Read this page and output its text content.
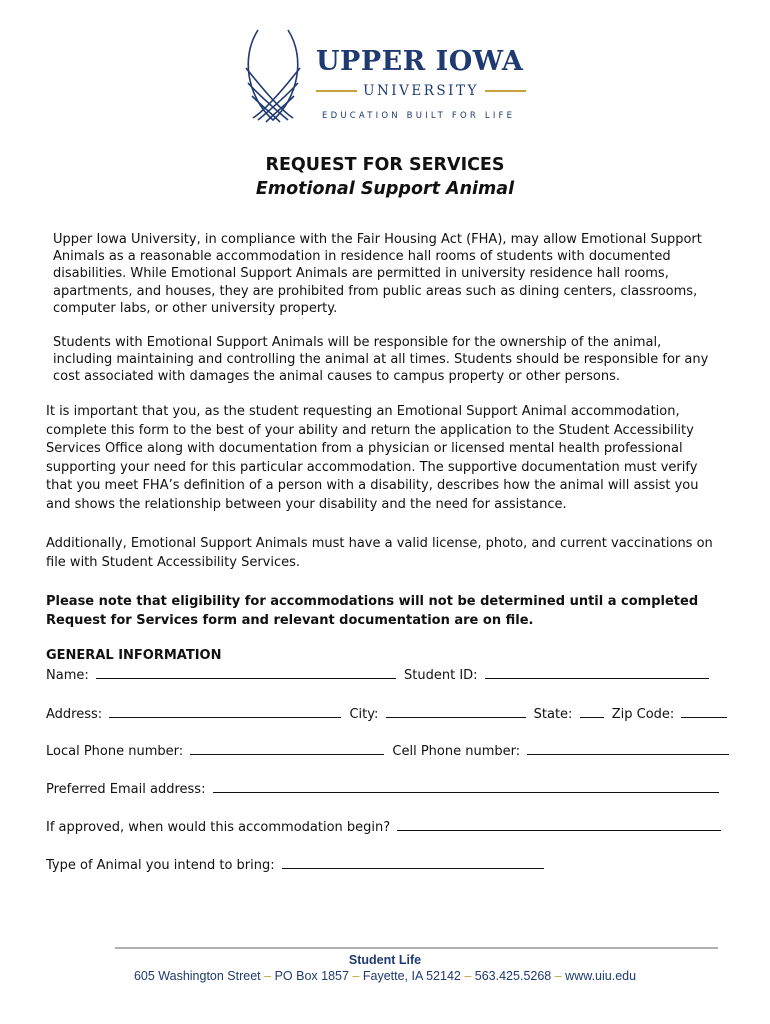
UPPER IOWA
UNIVERSITY
EDUCATION BUILT FOR LIFE
REQUEST FOR SERVICES
Emotional Support Animal

Upper Iowa University, in compliance with the Fair Housing Act (FHA), may allow Emotional Support Animals as a reasonable accommodation in residence hall rooms of students with documented disabilities. While Emotional Support Animals are permitted in university residence hall rooms, apartments, and houses, they are prohibited from public areas such as dining centers, classrooms, computer labs, or other university property.

Students with Emotional Support Animals will be responsible for the ownership of the animal, including maintaining and controlling the animal at all times. Students should be responsible for any cost associated with damages the animal causes to campus property or other persons.

It is important that you, as the student requesting an Emotional Support Animal accommodation, complete this form to the best of your ability and return the application to the Student Accessibility Services Office along with documentation from a physician or licensed mental health professional supporting your need for this particular accommodation. The supportive documentation must verify that you meet FHA’s definition of a person with a disability, describes how the animal will assist you and shows the relationship between your disability and the need for assistance.

Additionally, Emotional Support Animals must have a valid license, photo, and current vaccinations on file with Student Accessibility Services.

Please note that eligibility for accommodations will not be determined until a completed Request for Services form and relevant documentation are on file.

GENERAL INFORMATION
Name:	Student ID:
Address:	City:	State:	Zip Code:
Local Phone number:	Cell Phone number:
Preferred Email address:
If approved, when would this accommodation begin?
Type of Animal you intend to bring:
Student Life
605 Washington Street – PO Box 1857 – Fayette, IA 52142 – 563.425.5268 – www.uiu.edu
